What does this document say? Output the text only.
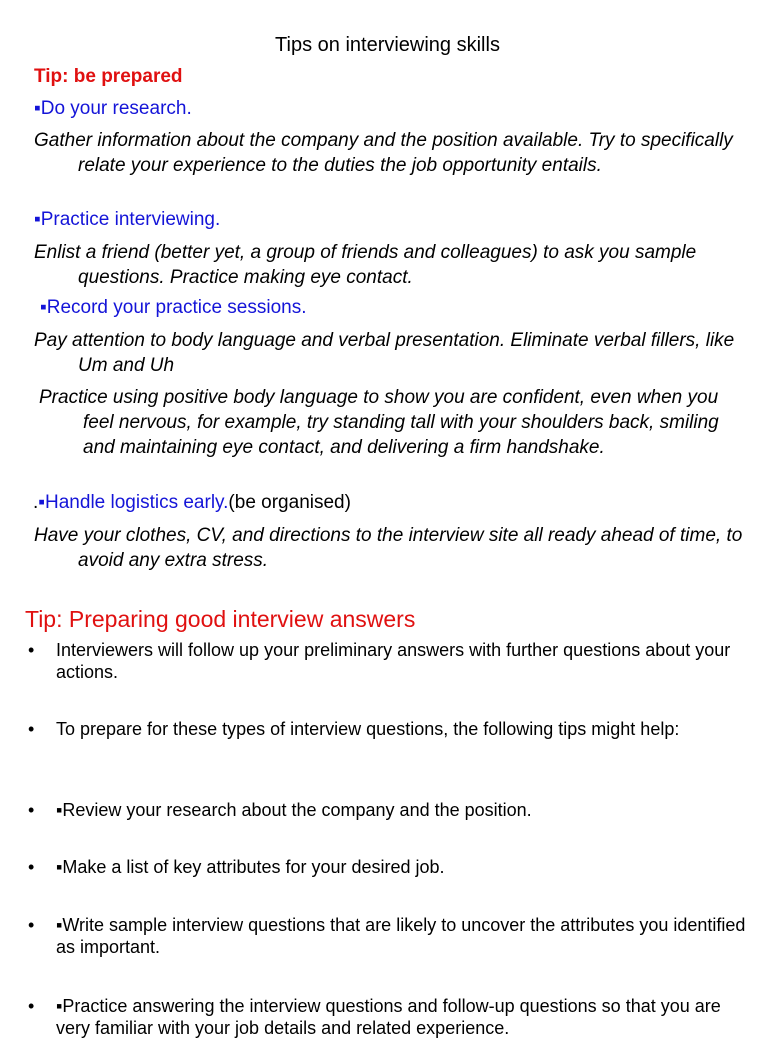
Tips on interviewing skills
Tip: be prepared
▪Do your research.
Gather information about the company and the position available. Try to specifically relate your experience to the duties the job opportunity entails.
▪Practice interviewing.
Enlist a friend (better yet, a group of friends and colleagues) to ask you sample questions. Practice making eye contact.
▪Record your practice sessions.
Pay attention to body language and verbal presentation. Eliminate verbal fillers, like Um and Uh
Practice using positive body language to show you are confident, even when you feel nervous, for example, try standing tall with your shoulders back, smiling and maintaining eye contact, and delivering a firm handshake.
.▪Handle logistics early.(be organised)
Have your clothes, CV, and directions to the interview site all ready ahead of time, to avoid any extra stress.
Tip: Preparing good interview answers
•	Interviewers will follow up your preliminary answers with further questions about your actions.
•	To prepare for these types of interview questions, the following tips might help:
•	▪Review your research about the company and the position.
•	▪Make a list of key attributes for your desired job.
•	▪Write sample interview questions that are likely to uncover the attributes you identified as important.
•	▪Practice answering the interview questions and follow-up questions so that you are very familiar with your job details and related experience.
